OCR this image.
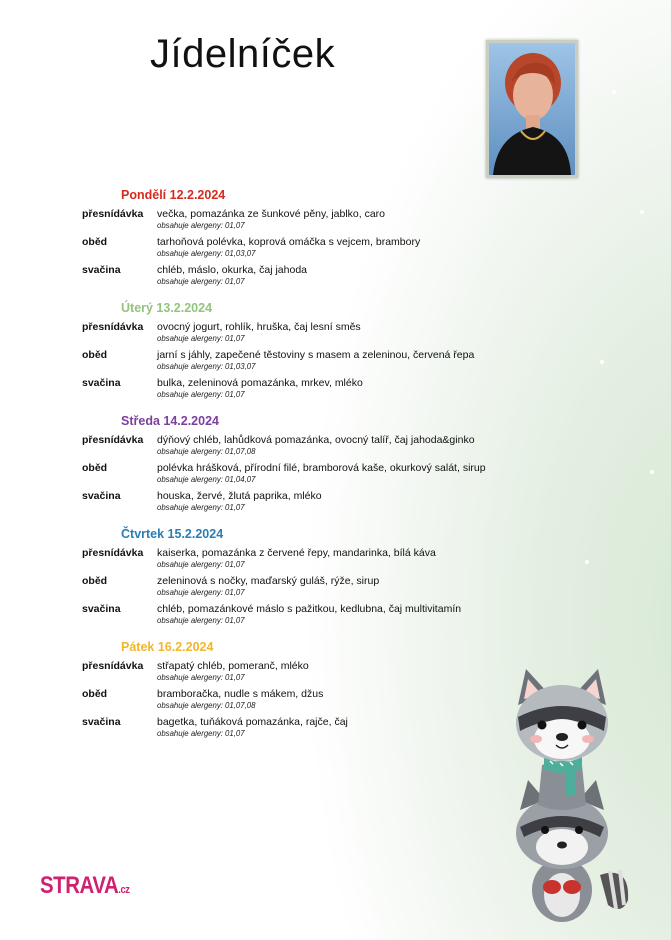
Jídelníček
Pondělí 12.2.2024
přesnídávka	večka, pomazánka ze šunkové pěny, jablko, caro
obsahuje alergeny: 01,07
oběd	tarhoňová polévka, koprová omáčka s vejcem, brambory
obsahuje alergeny: 01,03,07
svačina	chléb, máslo, okurka, čaj jahoda
obsahuje alergeny: 01,07
Úterý 13.2.2024
přesnídávka	ovocný jogurt, rohlík, hruška, čaj lesní směs
obsahuje alergeny: 01,07
oběd	jarní s jáhly, zapečené těstoviny s masem a zeleninou, červená řepa
obsahuje alergeny: 01,03,07
svačina	bulka, zeleninová pomazánka, mrkev, mléko
obsahuje alergeny: 01,07
Středa 14.2.2024
přesnídávka	dýňový chléb, lahůdková pomazánka, ovocný talíř, čaj jahoda&ginko
obsahuje alergeny: 01,07,08
oběd	polévka hrášková, přírodní filé, bramborová kaše, okurkový salát, sirup
obsahuje alergeny: 01,04,07
svačina	houska, žervé, žlutá paprika, mléko
obsahuje alergeny: 01,07
Čtvrtek 15.2.2024
přesnídávka	kaiserka, pomazánka z červené řepy, mandarinka, bílá káva
obsahuje alergeny: 01,07
oběd	zeleninová s nočky, maďarský guláš, rýže, sirup
obsahuje alergeny: 01,07
svačina	chléb, pomazánkové máslo s pažitkou, kedlubna, čaj multivitamín
obsahuje alergeny: 01,07
Pátek 16.2.2024
přesnídávka	střapatý chléb, pomeranč, mléko
obsahuje alergeny: 01,07
oběd	bramboračka, nudle s mákem, džus
obsahuje alergeny: 01,07,08
svačina	bagetka, tuňáková pomazánka, rajče, čaj
obsahuje alergeny: 01,07
STRAVA.cz
